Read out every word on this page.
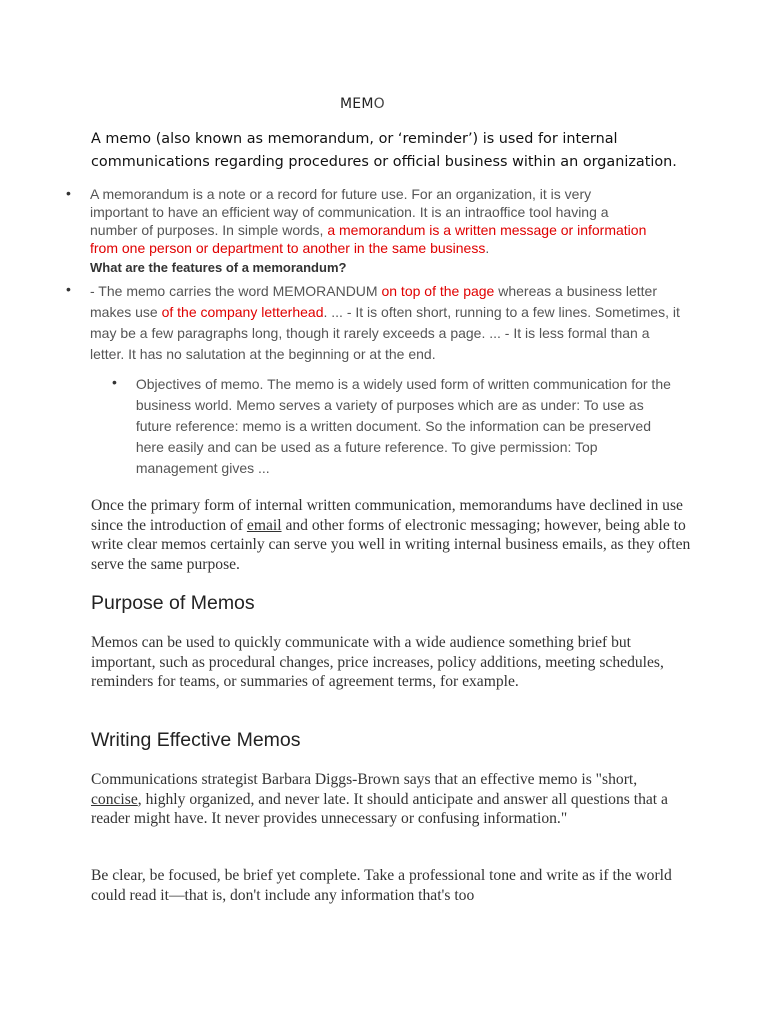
MEMO

A memo (also known as memorandum, or ‘reminder’) is used for internal communications regarding procedures or official business within an organization.

•	A memorandum is a note or a record for future use. For an organization, it is very important to have an efficient way of communication. It is an intraoffice tool having a number of purposes. In simple words, a memorandum is a written message or information from one person or department to another in the same business.

What are the features of a memorandum?

•	- The memo carries the word MEMORANDUM on top of the page whereas a business letter makes use of the company letterhead. ... - It is often short, running to a few lines. Sometimes, it may be a few paragraphs long, though it rarely exceeds a page. ... - It is less formal than a letter. It has no salutation at the beginning or at the end.
•	Objectives of memo. The memo is a widely used form of written communication for the business world. Memo serves a variety of purposes which are as under: To use as future reference: memo is a written document. So the information can be preserved here easily and can be used as a future reference. To give permission: Top management gives ...

Once the primary form of internal written communication, memorandums have declined in use since the introduction of email and other forms of electronic messaging; however, being able to write clear memos certainly can serve you well in writing internal business emails, as they often serve the same purpose.

Purpose of Memos

Memos can be used to quickly communicate with a wide audience something brief but important, such as procedural changes, price increases, policy additions, meeting schedules, reminders for teams, or summaries of agreement terms, for example.

Writing Effective Memos

Communications strategist Barbara Diggs-Brown says that an effective memo is "short, concise, highly organized, and never late. It should anticipate and answer all questions that a reader might have. It never provides unnecessary or confusing information."

Be clear, be focused, be brief yet complete. Take a professional tone and write as if the world could read it—that is, don't include any information that's too
